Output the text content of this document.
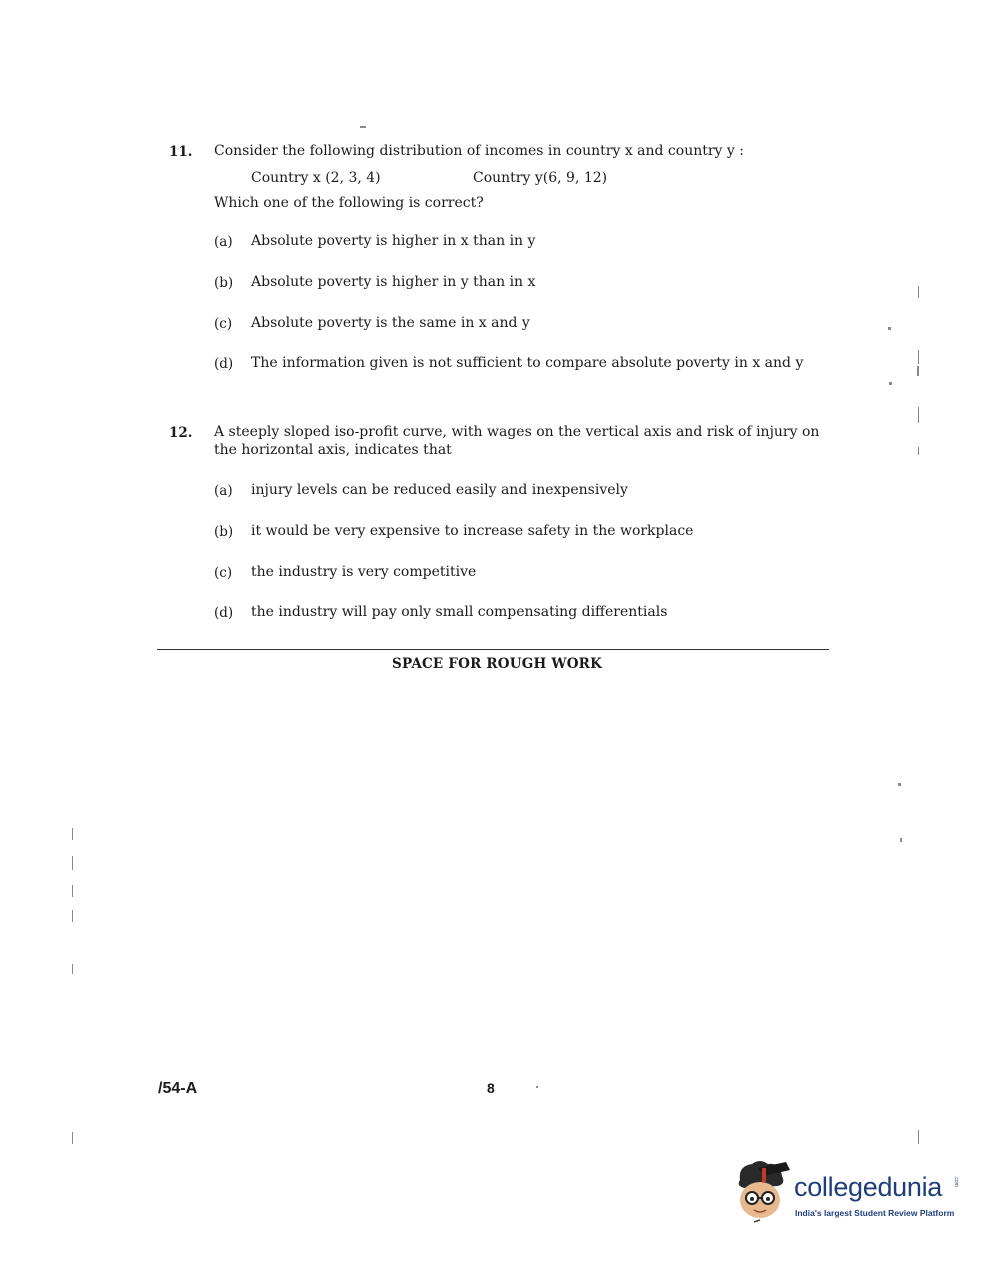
11. Consider the following distribution of incomes in country x and country y :
Country x (2, 3, 4)	Country y(6, 9, 12)
Which one of the following is correct?
(a) Absolute poverty is higher in x than in y
(b) Absolute poverty is higher in y than in x
(c) Absolute poverty is the same in x and y
(d) The information given is not sufficient to compare absolute poverty in x and y
12. A steeply sloped iso-profit curve, with wages on the vertical axis and risk of injury on
the horizontal axis, indicates that
(a) injury levels can be reduced easily and inexpensively
(b) it would be very expensive to increase safety in the workplace
(c) the industry is very competitive
(d) the industry will pay only small compensating differentials
SPACE FOR ROUGH WORK
/54-A	8
collegedunia .com
India's largest Student Review Platform
